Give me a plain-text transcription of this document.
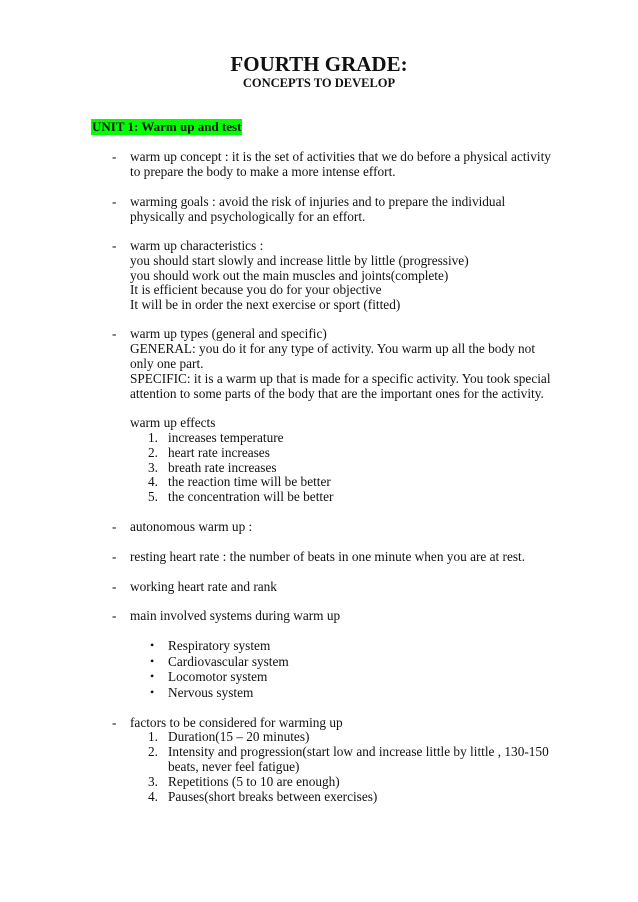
FOURTH GRADE:
CONCEPTS TO DEVELOP
UNIT 1: Warm up and test
- warm up concept : it is the set of activities that we do before a physical activity
to prepare the body to make a more intense effort.
- warming goals : avoid the risk of injuries and to prepare the individual
physically and psychologically for an effort.
- warm up characteristics :
you should start slowly and increase little by little (progressive)
you should work out the main muscles and joints(complete)
It is efficient because you do for your objective
It will be in order the next exercise or sport (fitted)
- warm up types (general and specific)
GENERAL: you do it for any type of activity. You warm up all the body not
only one part.
SPECIFIC: it is a warm up that is made for a specific activity. You took special
attention to some parts of the body that are the important ones for the activity.
warm up effects
1. increases temperature
2. heart rate increases
3. breath rate increases
4. the reaction time will be better
5. the concentration will be better
- autonomous warm up :
- resting heart rate : the number of beats in one minute when you are at rest.
- working heart rate and rank
- main involved systems during warm up
• Respiratory system
• Cardiovascular system
• Locomotor system
• Nervous system
- factors to be considered for warming up
1. Duration(15 – 20 minutes)
2. Intensity and progression(start low and increase little by little , 130-150
beats, never feel fatigue)
3. Repetitions (5 to 10 are enough)
4. Pauses(short breaks between exercises)
